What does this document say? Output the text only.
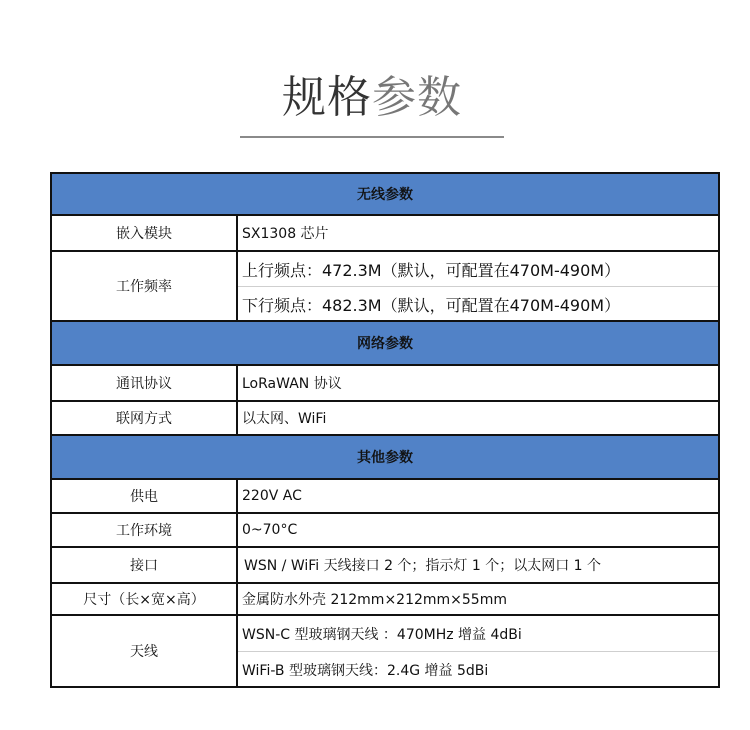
规格参数
无线参数
嵌入模块	SX1308 芯片
工作频率
上行频点：472.3M（默认，可配置在470M-490M）
下行频点：482.3M（默认，可配置在470M-490M）
网络参数
通讯协议	LoRaWAN 协议
联网方式	以太网、WiFi
其他参数
供电	220V AC
工作环境	0~70°C
接口	WSN / WiFi 天线接口 2 个；指示灯 1 个；以太网口 1 个
尺寸（长×宽×高）	金属防水外壳 212mm×212mm×55mm
天线
WSN-C 型玻璃钢天线 ：470MHz 增益 4dBi
WiFi-B 型玻璃钢天线：2.4G 增益 5dBi
